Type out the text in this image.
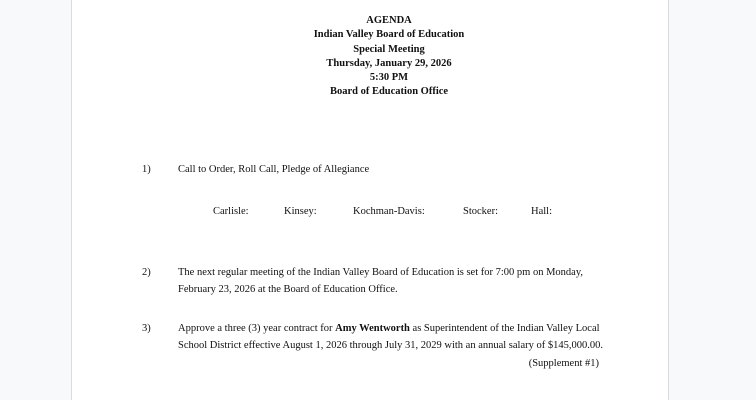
AGENDA
Indian Valley Board of Education
Special Meeting
Thursday, January 29, 2026
5:30 PM
Board of Education Office
1)	Call to Order, Roll Call, Pledge of Allegiance
Carlisle:	Kinsey:	Kochman-Davis:	Stocker:	Hall:
2)	The next regular meeting of the Indian Valley Board of Education is set for 7:00 pm on Monday,
February 23, 2026 at the Board of Education Office.
3)	Approve a three (3) year contract for Amy Wentworth as Superintendent of the Indian Valley Local
School District effective August 1, 2026 through July 31, 2029 with an annual salary of $145,000.00.
(Supplement #1)
